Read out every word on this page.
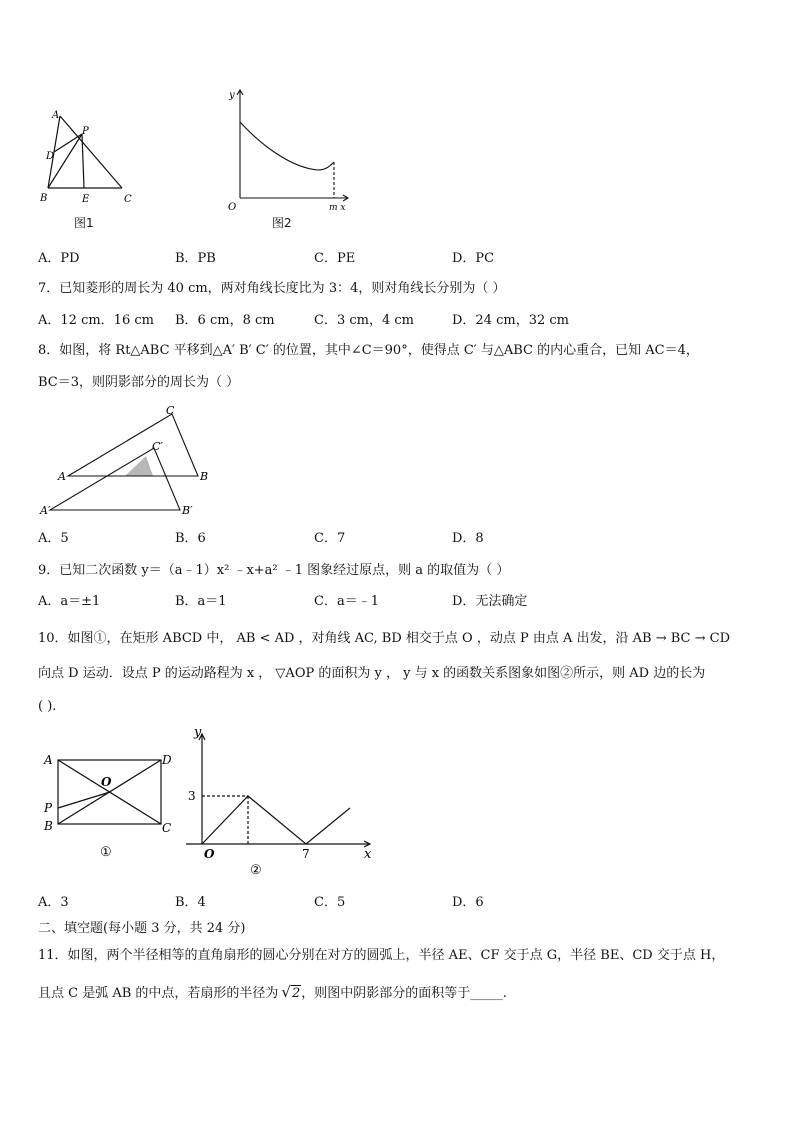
A
P
D
B	E	C
图1
y
O	m x
图2
A．PD	B．PB	C．PE	D．PC
7．已知菱形的周长为 40 cm，两对角线长度比为 3：4，则对角线长分别为（ ）
A．12 cm．16 cm B．6 cm，8 cm	C．3 cm，4 cm	D．24 cm，32 cm
8．如图，将 Rt△ABC 平移到△A′ B′ C′ 的位置，其中∠C＝90°，使得点 C′ 与△ABC 的内心重合，已知 AC＝4，
BC＝3，则阴影部分的周长为（ ）
C
C′
A	B
A′	B′
A．5	B．6	C．7	D．8
9．已知二次函数 y＝（a﹣1）x² ﹣x+a² ﹣1 图象经过原点，则 a 的取值为（ ）
A．a＝±1	B．a＝1	C．a＝﹣1	D．无法确定
10．如图①，在矩形 ABCD 中， AB < AD ，对角线 AC, BD 相交于点 O ，动点 P 由点 A 出发，沿 AB → BC → CD
向点 D 运动．设点 P 的运动路程为 x ， ▽AOP 的面积为 y ， y 与 x 的函数关系图象如图②所示，则 AD 边的长为
( ).
A	D
O
P
B	C
①
y
3
O	7	x
②
A．3	B．4	C．5	D．6
二、填空题(每小题 3 分，共 24 分)
11．如图，两个半径相等的直角扇形的圆心分别在对方的圆弧上，半径 AE、CF 交于点 G，半径 BE、CD 交于点 H，
且点 C 是弧 AB 的中点，若扇形的半径为 √2，则图中阴影部分的面积等于_____.
